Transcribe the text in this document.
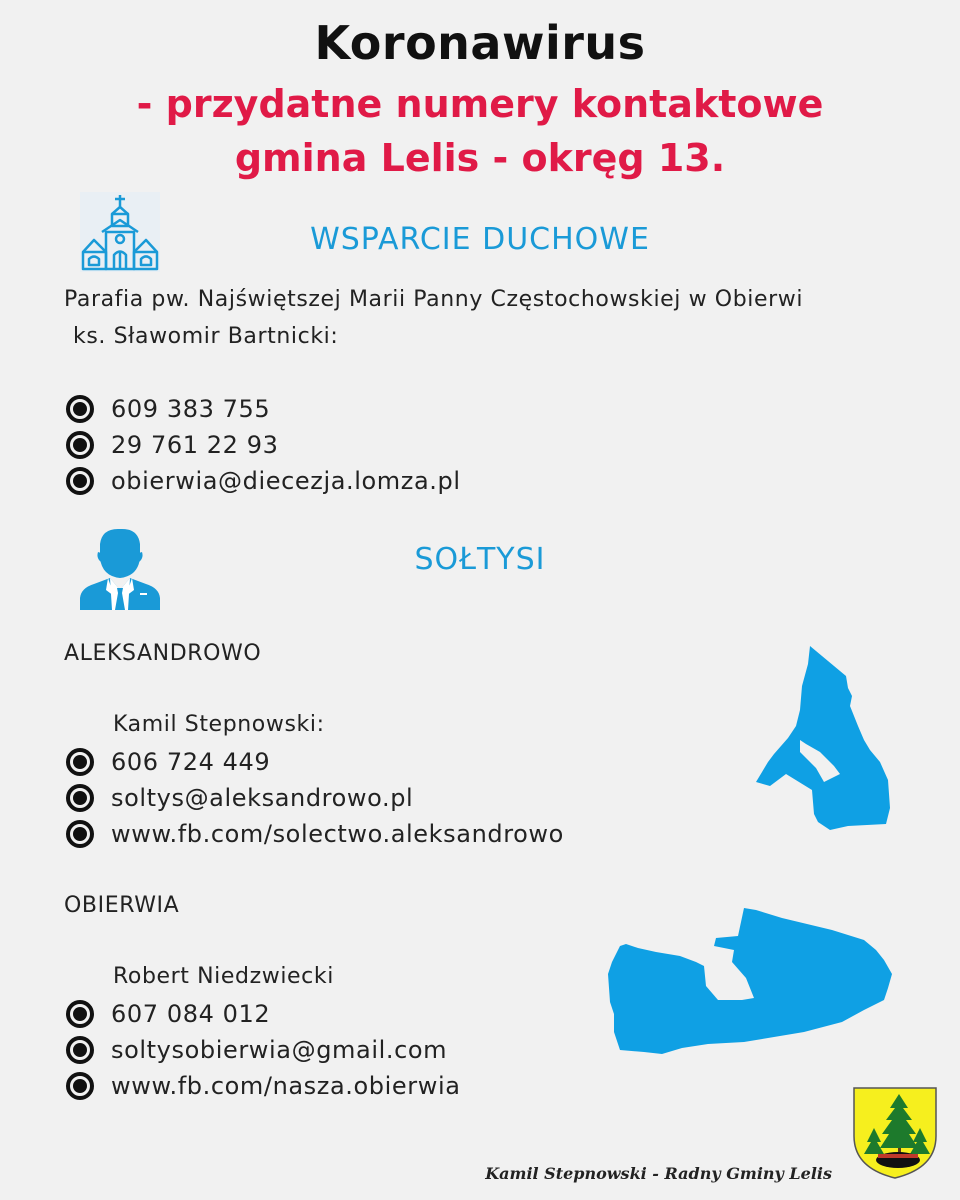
Koronawirus
- przydatne numery kontaktowe
gmina Lelis - okręg 13.
WSPARCIE DUCHOWE
Parafia pw. Najświętszej Marii Panny Częstochowskiej w Obierwi
ks. Sławomir Bartnicki:
609 383 755
29 761 22 93
obierwia@diecezja.lomza.pl
SOŁTYSI
ALEKSANDROWO
Kamil Stepnowski:
606 724 449
soltys@aleksandrowo.pl
www.fb.com/solectwo.aleksandrowo
OBIERWIA
Robert Niedzwiecki
607 084 012
soltysobierwia@gmail.com
www.fb.com/nasza.obierwia
Kamil Stepnowski - Radny Gminy Lelis
